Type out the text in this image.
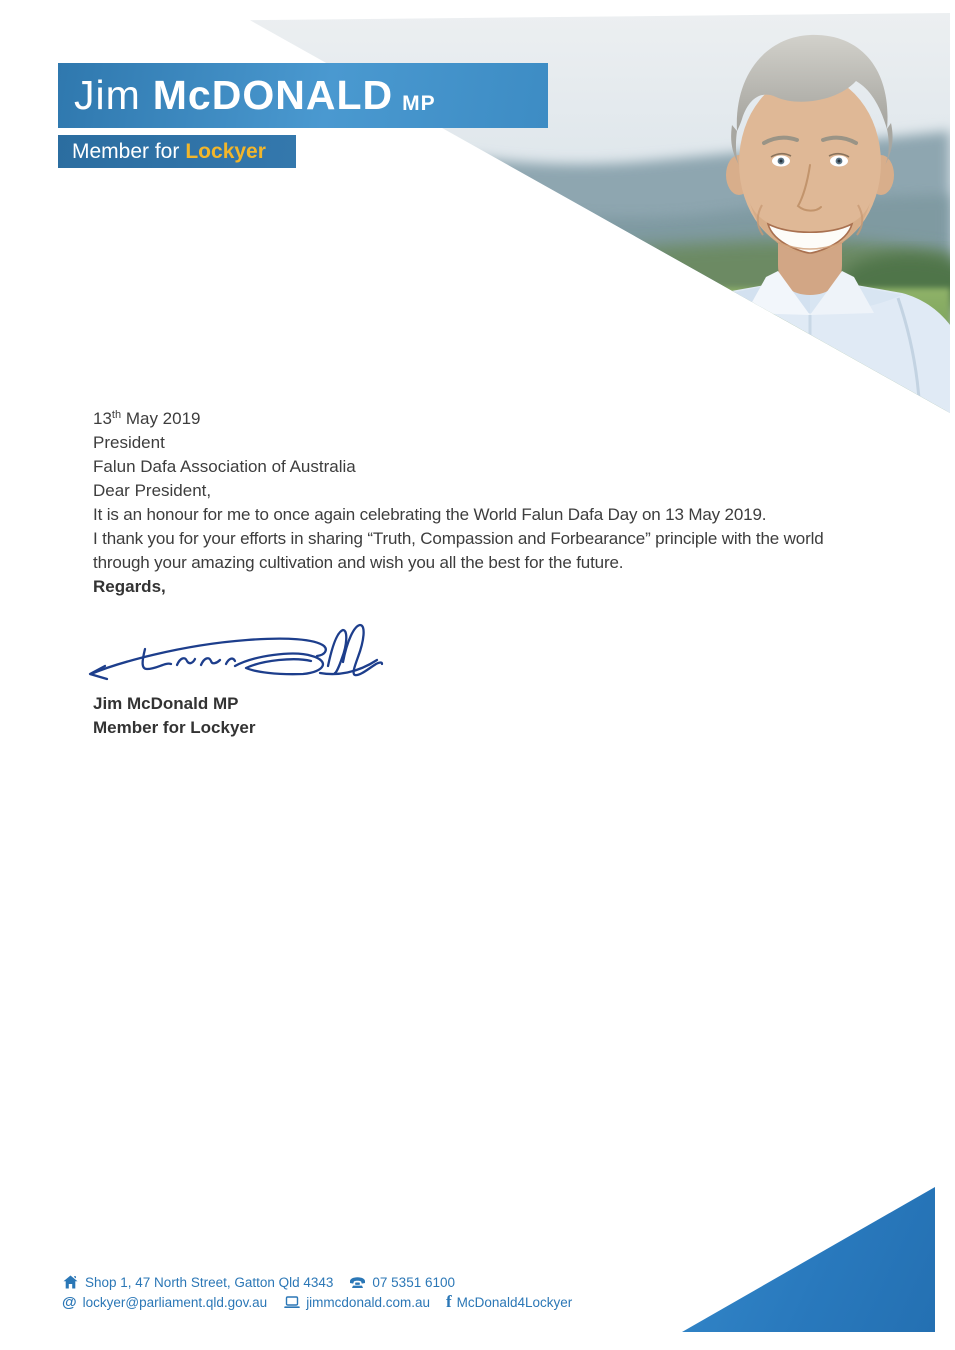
Jim McDONALD MP
Member for Lockyer

13th May 2019

President
Falun Dafa Association of Australia

Dear President,

It is an honour for me to once again celebrating the World Falun Dafa Day on 13 May 2019.

I thank you for your efforts in sharing “Truth, Compassion and Forbearance” principle with the world through your amazing cultivation and wish you all the best for the future.

Regards,

Jim McDonald MP
Member for Lockyer

Shop 1, 47 North Street, Gatton Qld 4343	07 5351 6100
@ lockyer@parliament.qld.gov.au	jimmcdonald.com.au f McDonald4Lockyer
